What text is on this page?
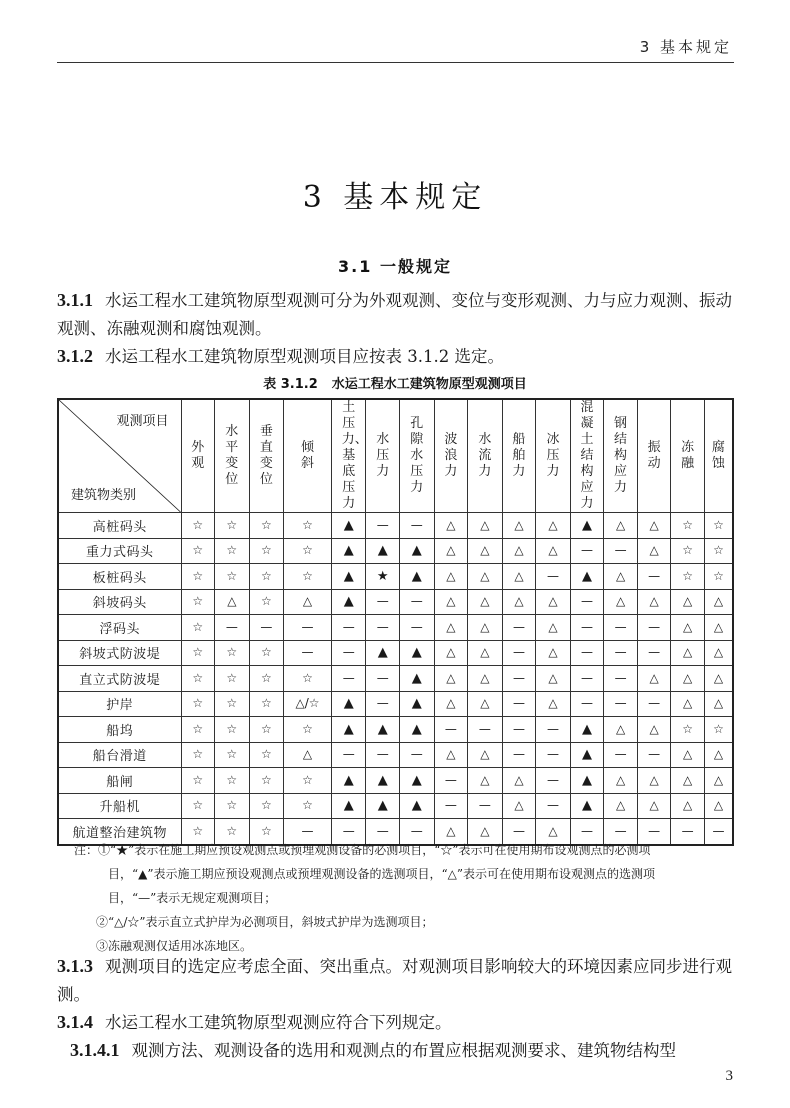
3 基本规定
3 基本规定
3.1 一般规定
3.1.1 水运工程水工建筑物原型观测可分为外观观测、变位与变形观测、力与应力观测、振动观测、冻融观测和腐蚀观测。
3.1.2 水运工程水工建筑物原型观测项目应按表 3.1.2 选定。
表 3.1.2 水运工程水工建筑物原型观测项目
观测项目
建筑物类别	外观	水平变位	垂直变位	倾斜	土压力、基底压力	水压力	孔隙水压力	波浪力	水流力	船舶力	冰压力	混凝土结构应力	钢结构应力	振动	冻融	腐蚀
高桩码头	☆	☆	☆	☆	▲	—	—	△	△	△	△	▲	△	△	☆	☆
重力式码头	☆	☆	☆	☆	▲	▲	▲	△	△	△	△	—	—	△	☆	☆
板桩码头	☆	☆	☆	☆	▲	★	▲	△	△	△	—	▲	△	—	☆	☆
斜坡码头	☆	△	☆	△	▲	—	—	△	△	△	△	—	△	△	△	△
浮码头	☆	—	—	—	—	—	—	△	△	—	△	—	—	—	△	△
斜坡式防波堤	☆	☆	☆	—	—	▲	▲	△	△	—	△	—	—	—	△	△
直立式防波堤	☆	☆	☆	☆	—	—	▲	△	△	—	△	—	—	△	△	△
护岸	☆	☆	☆	△/☆	▲	—	▲	△	△	—	△	—	—	—	△	△
船坞	☆	☆	☆	☆	▲	▲	▲	—	—	—	—	▲	△	△	☆	☆
船台滑道	☆	☆	☆	△	—	—	—	△	△	—	—	▲	—	—	△	△
船闸	☆	☆	☆	☆	▲	▲	▲	—	△	△	—	▲	△	△	△	△
升船机	☆	☆	☆	☆	▲	▲	▲	—	—	△	—	▲	△	△	△	△
航道整治建筑物	☆	☆	☆	—	—	—	—	△	△	—	△	—	—	—	—	—
注：①“★”表示在施工期应预设观测点或预埋观测设备的必测项目，“☆”表示可在使用期布设观测点的必测项
目，“▲”表示施工期应预设观测点或预埋观测设备的选测项目，“△”表示可在使用期布设观测点的选测项
目，“—”表示无规定观测项目；
②“△/☆”表示直立式护岸为必测项目，斜坡式护岸为选测项目；
③冻融观测仅适用冰冻地区。
3.1.3 观测项目的选定应考虑全面、突出重点。对观测项目影响较大的环境因素应同步进行观测。
3.1.4 水运工程水工建筑物原型观测应符合下列规定。
3.1.4.1 观测方法、观测设备的选用和观测点的布置应根据观测要求、建筑物结构型
3
